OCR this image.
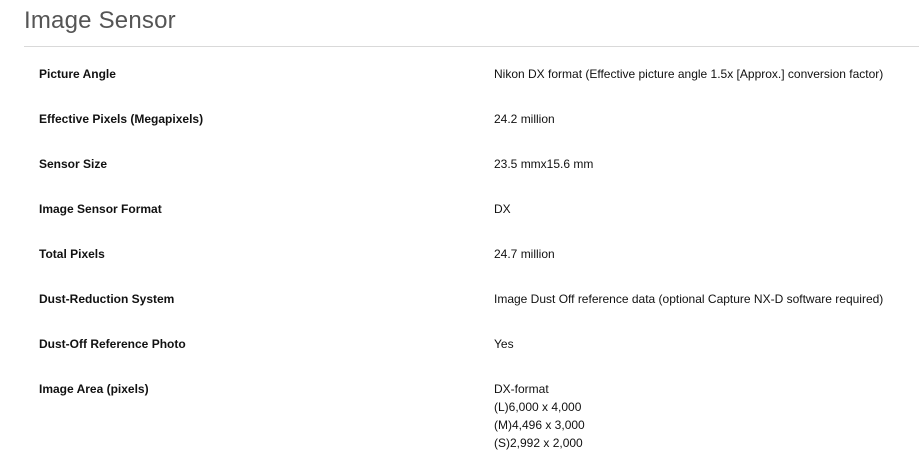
Image Sensor
Picture Angle	Nikon DX format (Effective picture angle 1.5x [Approx.] conversion factor)
Effective Pixels (Megapixels)	24.2 million
Sensor Size	23.5 mmx15.6 mm
Image Sensor Format	DX
Total Pixels	24.7 million
Dust-Reduction System	Image Dust Off reference data (optional Capture NX-D software required)
Dust-Off Reference Photo	Yes
Image Area (pixels)	DX-format
(L)6,000 x 4,000
(M)4,496 x 3,000
(S)2,992 x 2,000
